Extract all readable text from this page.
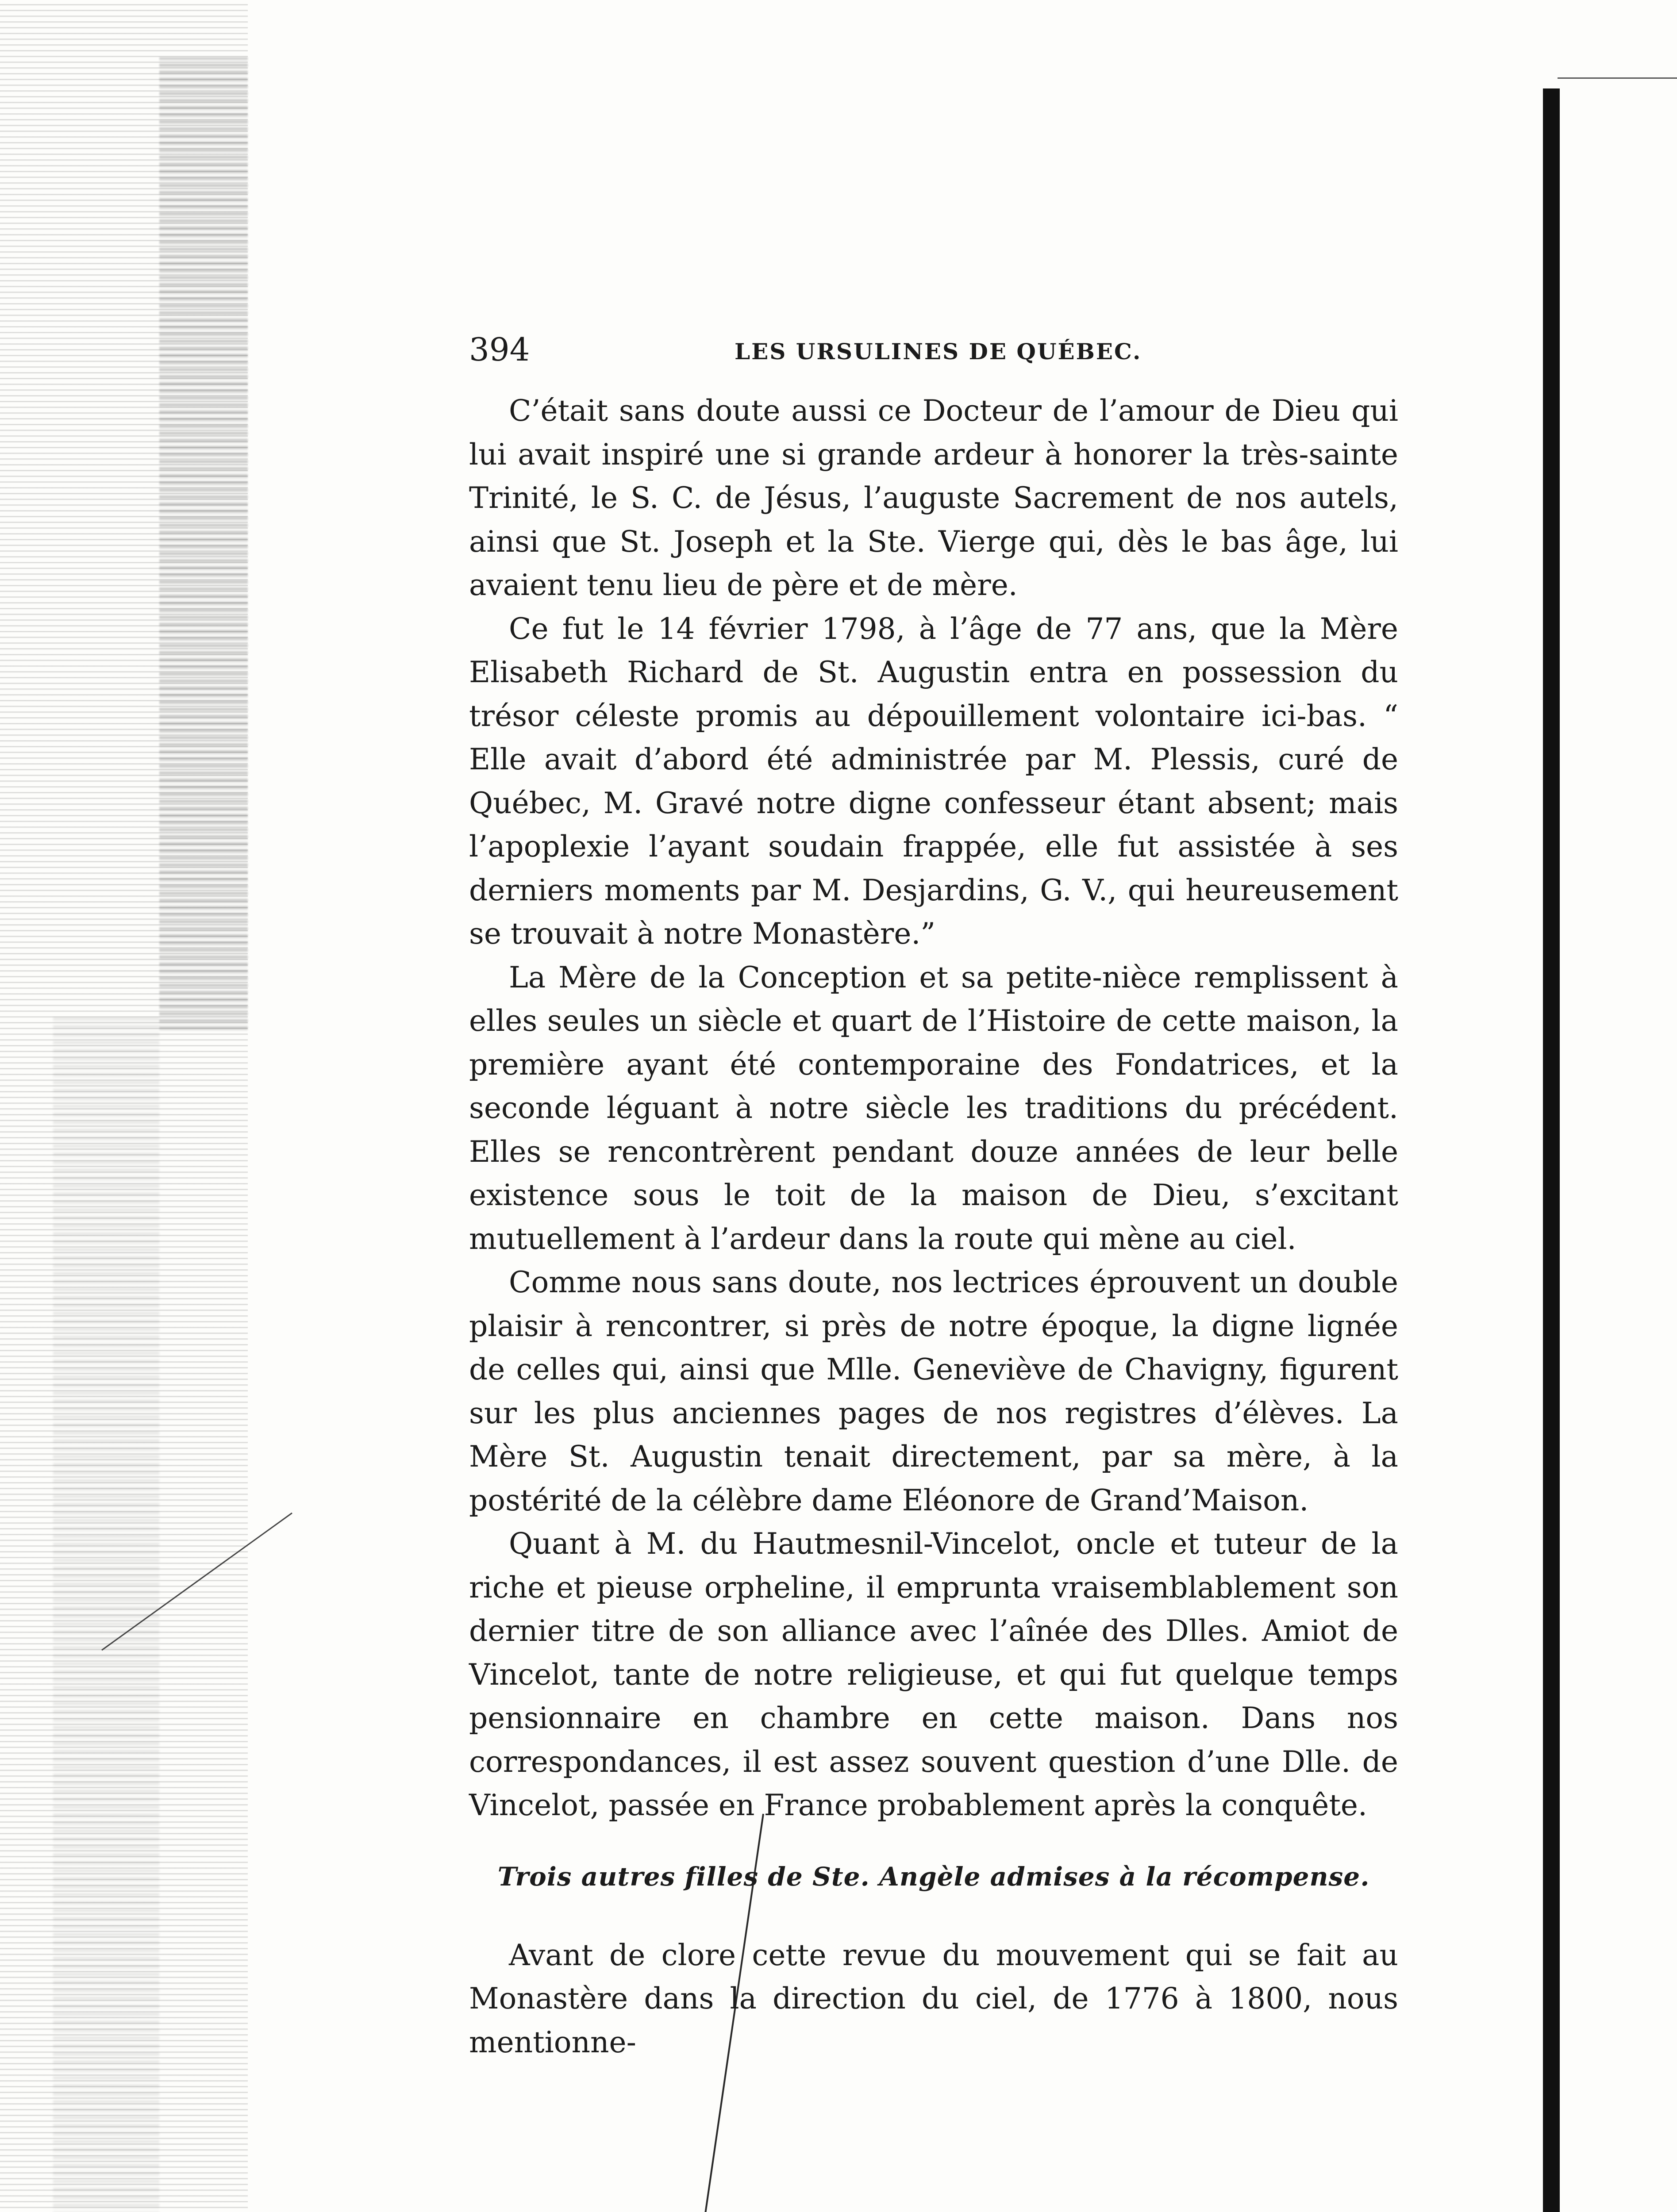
394	LES URSULINES DE QUÉBEC.

C’était sans doute aussi ce Docteur de l’amour de Dieu qui lui avait inspiré une si grande ardeur à honorer la très-sainte Trinité, le S. C. de Jésus, l’auguste Sacrement de nos autels, ainsi que St. Joseph et la Ste. Vierge qui, dès le bas âge, lui avaient tenu lieu de père et de mère.

Ce fut le 14 février 1798, à l’âge de 77 ans, que la Mère Elisabeth Richard de St. Augustin entra en possession du trésor céleste promis au dépouillement volontaire ici-bas. “ Elle avait d’abord été administrée par M. Plessis, curé de Québec, M. Gravé notre digne confesseur étant absent; mais l’apoplexie l’ayant soudain frappée, elle fut assistée à ses derniers moments par M. Desjardins, G. V., qui heureusement se trouvait à notre Monastère.”

La Mère de la Conception et sa petite-nièce remplissent à elles seules un siècle et quart de l’Histoire de cette maison, la première ayant été contemporaine des Fondatrices, et la seconde léguant à notre siècle les traditions du précédent. Elles se rencontrèrent pendant douze années de leur belle existence sous le toit de la maison de Dieu, s’excitant mutuellement à l’ardeur dans la route qui mène au ciel.

Comme nous sans doute, nos lectrices éprouvent un double plaisir à rencontrer, si près de notre époque, la digne lignée de celles qui, ainsi que Mlle. Geneviève de Chavigny, figurent sur les plus anciennes pages de nos registres d’élèves. La Mère St. Augustin tenait directement, par sa mère, à la postérité de la célèbre dame Eléonore de Grand’Maison.

Quant à M. du Hautmesnil-Vincelot, oncle et tuteur de la riche et pieuse orpheline, il emprunta vraisemblablement son dernier titre de son alliance avec l’aînée des Dlles. Amiot de Vincelot, tante de notre religieuse, et qui fut quelque temps pensionnaire en chambre en cette maison. Dans nos correspondances, il est assez souvent question d’une Dlle. de Vincelot, passée en France probablement après la conquête.

Trois autres filles de Ste. Angèle admises à la récompense.

Avant de clore cette revue du mouvement qui se fait au Monastère dans la direction du ciel, de 1776 à 1800, nous mentionne-
